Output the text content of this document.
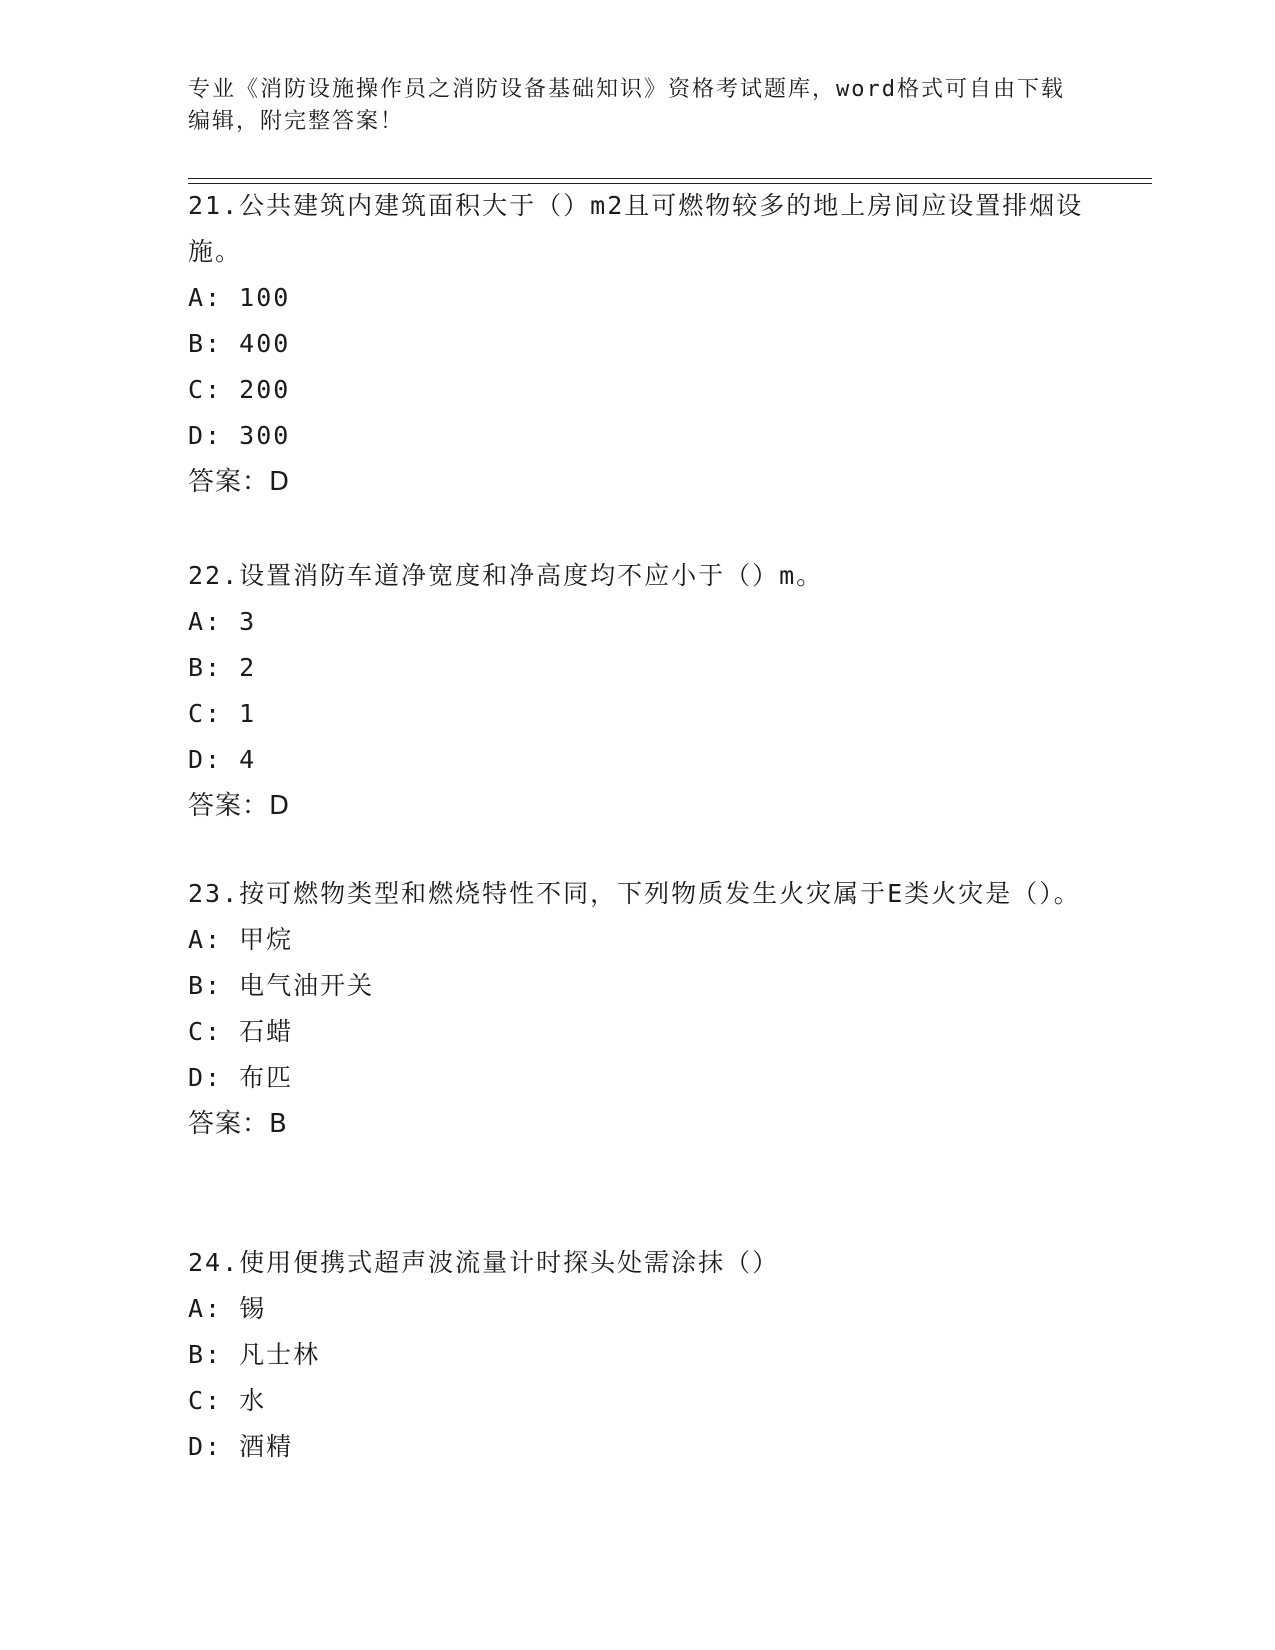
专业《消防设施操作员之消防设备基础知识》资格考试题库，word格式可自由下载编辑，附完整答案！

21.公共建筑内建筑面积大于（）m2且可燃物较多的地上房间应设置排烟设施。

A: 100

B: 400

C: 200

D: 300

答案：D

22.设置消防车道净宽度和净高度均不应小于（）m。

A: 3

B: 2

C: 1

D: 4

答案：D

23.按可燃物类型和燃烧特性不同，下列物质发生火灾属于E类火灾是（）。

A: 甲烷

B: 电气油开关

C: 石蜡

D: 布匹

答案：B

24.使用便携式超声波流量计时探头处需涂抹（）

A: 锡

B: 凡士林

C: 水

D: 酒精
